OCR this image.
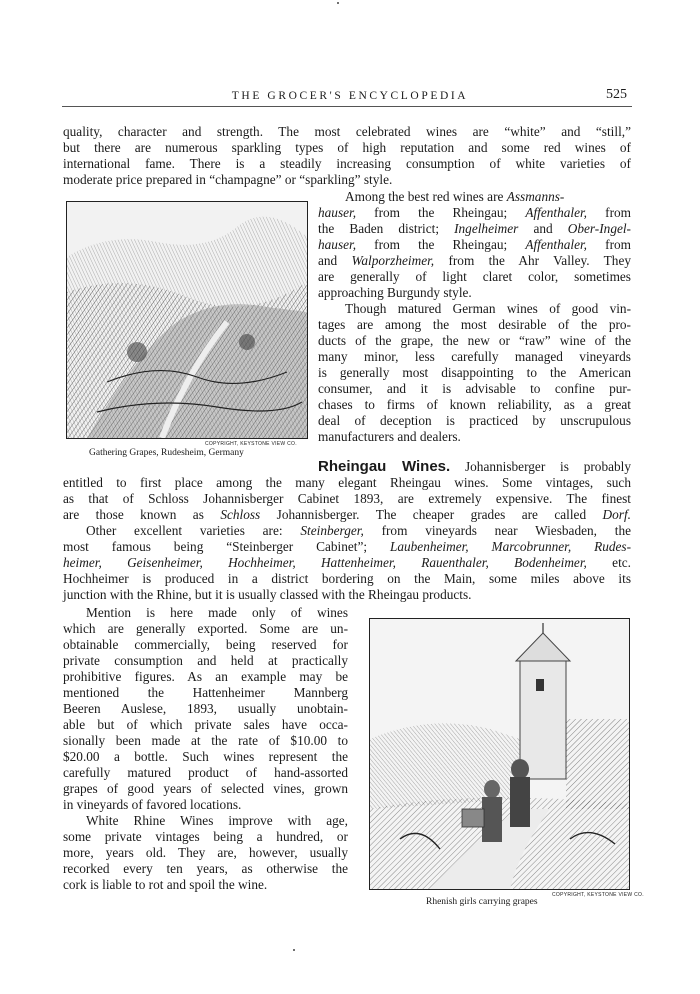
THE GROCER'S ENCYCLOPEDIA	525
quality, character and strength. The most celebrated wines are “white” and “still,”
but there are numerous sparkling types of high reputation and some red wines of
international fame. There is a steadily increasing consumption of white varieties of
moderate price prepared in “champagne” or “sparkling” style.
COPYRIGHT, KEYSTONE VIEW CO.
Gathering Grapes, Rudesheim, Germany
Among the best red wines are Assmanns-
hauser, from the Rheingau; Affenthaler, from
the Baden district; Ingelheimer and Ober-Ingel-
hauser, from the Rheingau; Affenthaler, from
and Walporzheimer, from the Ahr Valley. They
are generally of light claret color, sometimes
approaching Burgundy style.
Though matured German wines of good vin-
tages are among the most desirable of the pro-
ducts of the grape, the new or “raw” wine of the
many minor, less carefully managed vineyards
is generally most disappointing to the American
consumer, and it is advisable to confine pur-
chases to firms of known reliability, as a great
deal of deception is practiced by unscrupulous
manufacturers and dealers.
Rheingau Wines. Johannisberger is probably
entitled to first place among the many elegant Rheingau wines. Some vintages, such
as that of Schloss Johannisberger Cabinet 1893, are extremely expensive. The finest
are those known as Schloss Johannisberger. The cheaper grades are called Dorf.
Other excellent varieties are: Steinberger, from vineyards near Wiesbaden, the
most famous being “Steinberger Cabinet”; Laubenheimer, Marcobrunner, Rudes-
heimer, Geisenheimer, Hochheimer, Hattenheimer, Rauenthaler, Bodenheimer, etc.
Hochheimer is produced in a district bordering on the Main, some miles above its
junction with the Rhine, but it is usually classed with the Rheingau products.
Mention is here made only of wines
which are generally exported. Some are un-
obtainable commercially, being reserved for
private consumption and held at practically
prohibitive figures. As an example may be
mentioned the Hattenheimer Mannberg
Beeren Auslese, 1893, usually unobtain-
able but of which private sales have occa-
sionally been made at the rate of $10.00 to
$20.00 a bottle. Such wines represent the
carefully matured product of hand-assorted
grapes of good years of selected vines, grown
in vineyards of favored locations.
White Rhine Wines improve with age,
some private vintages being a hundred, or
more, years old. They are, however, usually
recorked every ten years, as otherwise the
cork is liable to rot and spoil the wine.
COPYRIGHT, KEYSTONE VIEW CO.
Rhenish girls carrying grapes
